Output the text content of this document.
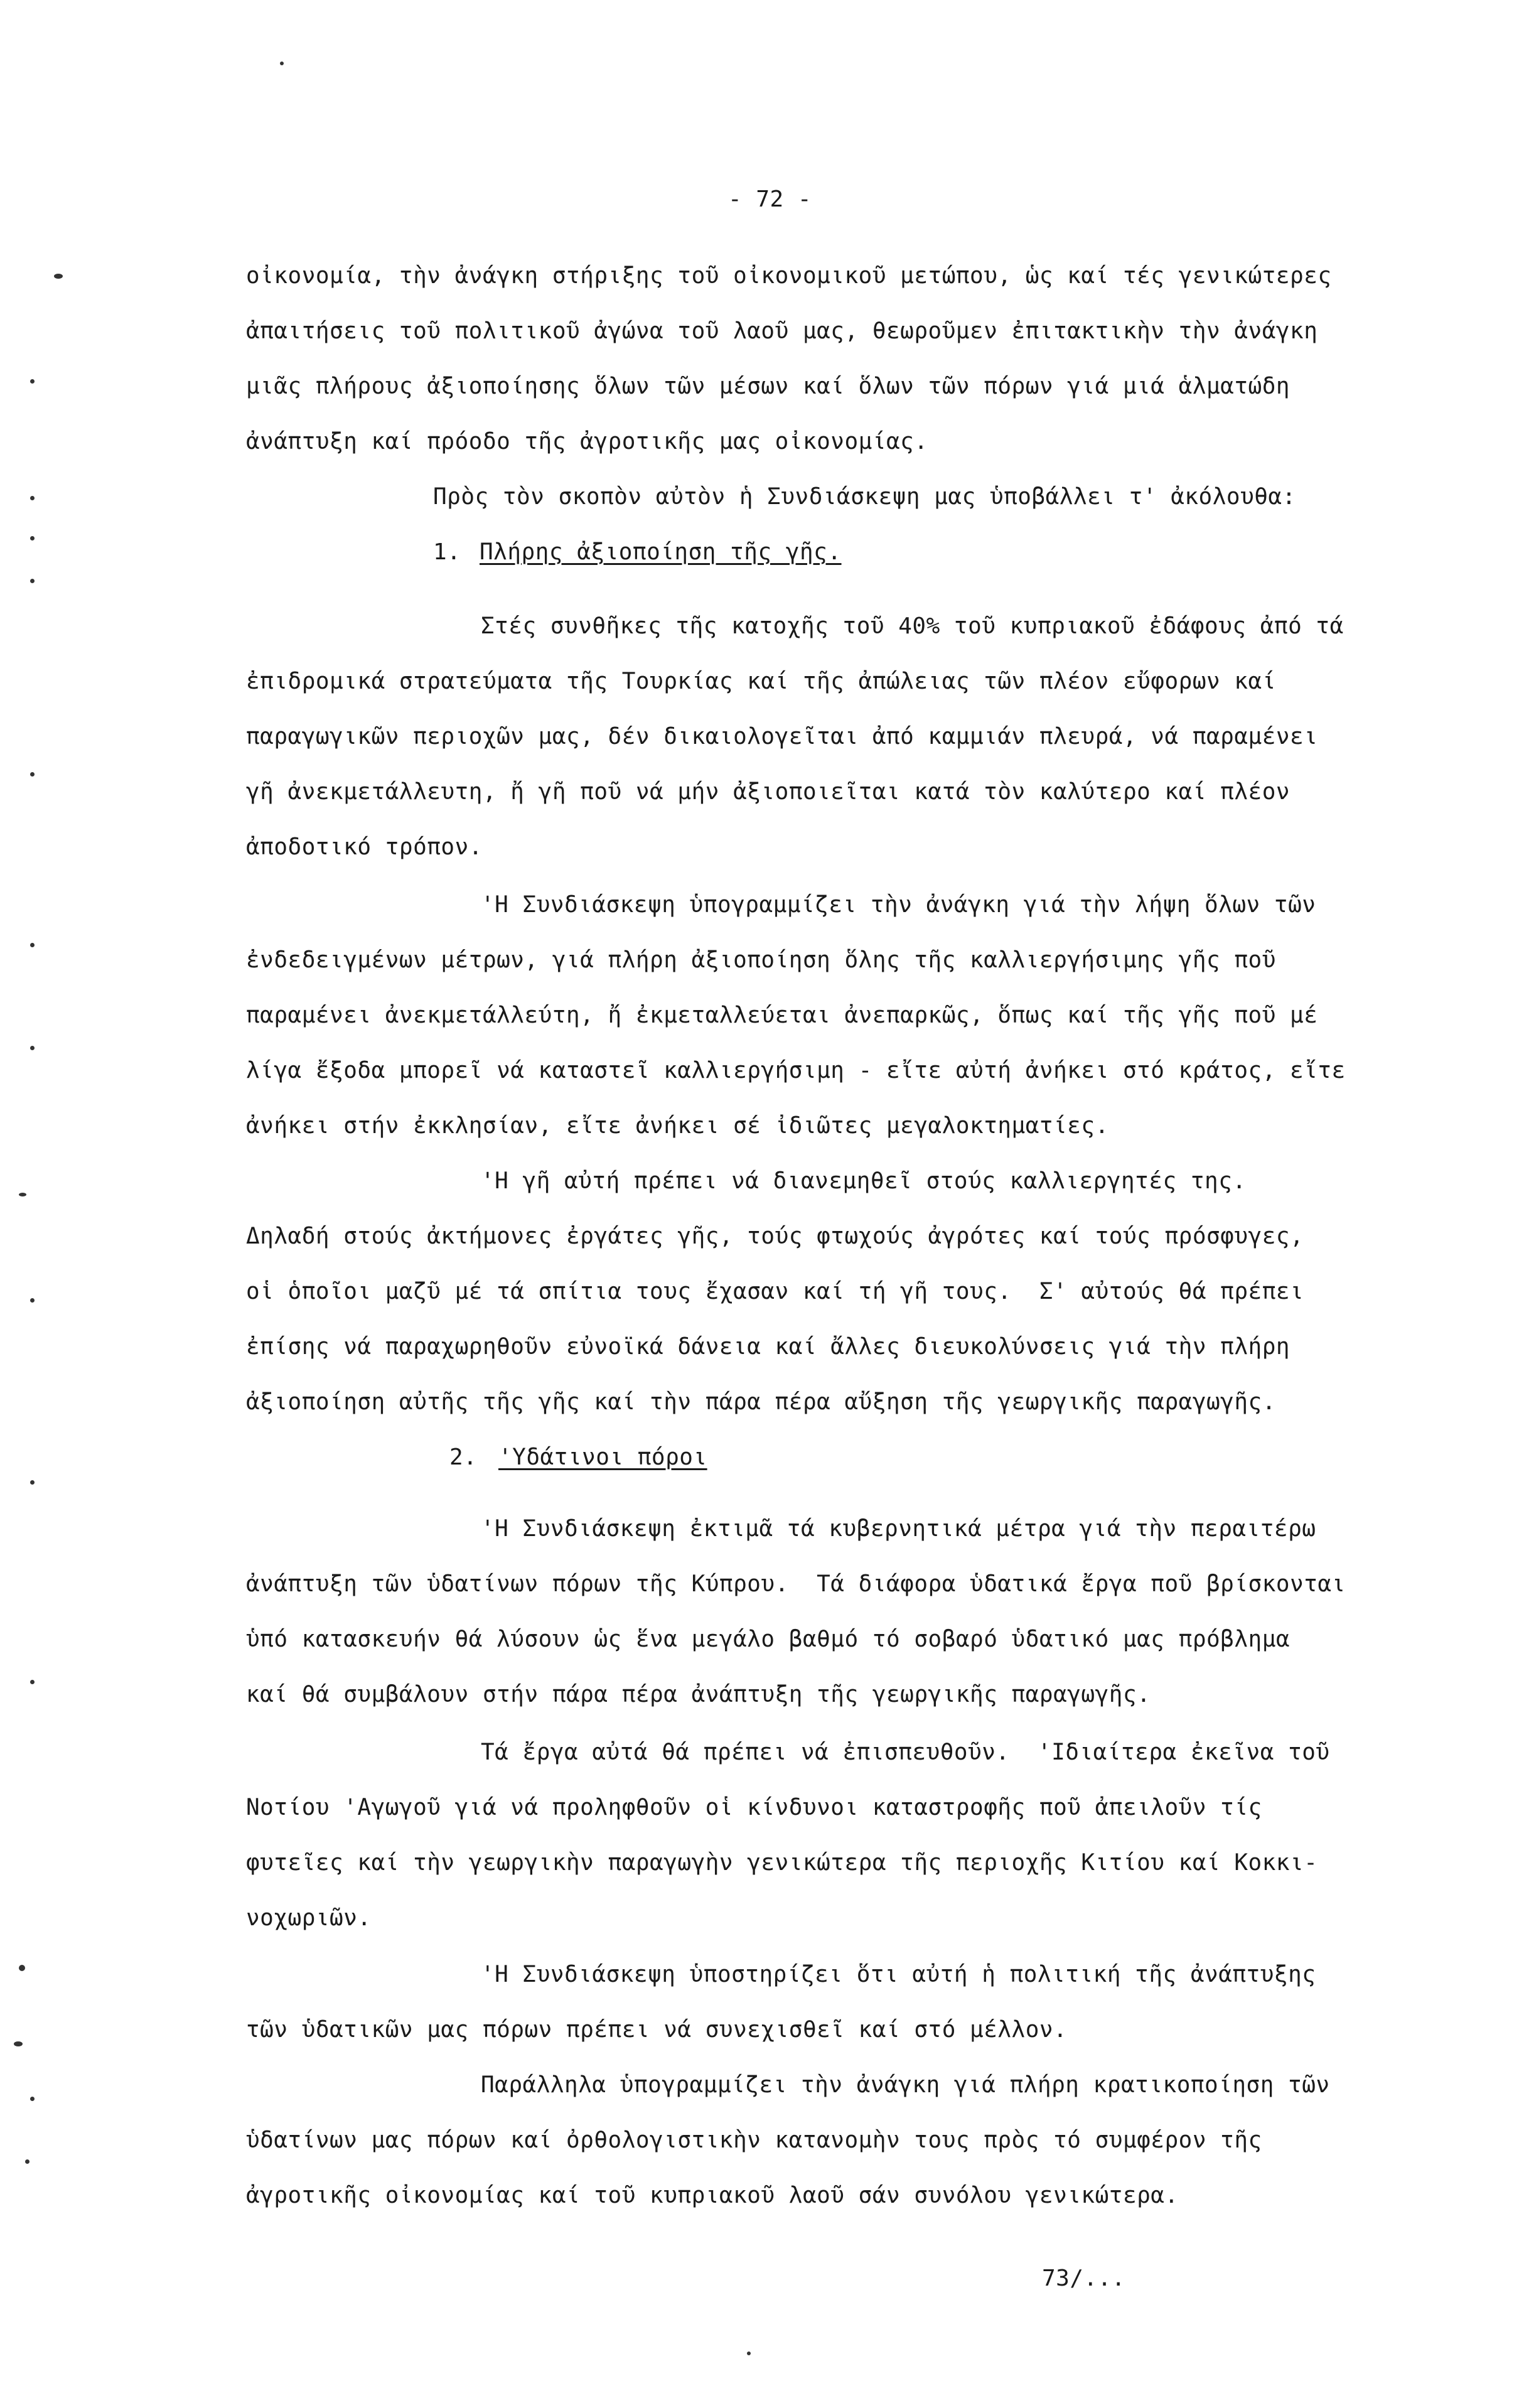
- 72 -
οἰκονομία, τὴν ἀνάγκη στήριξης τοῦ οἰκονομικοῦ μετώπου, ὡς καί τές γενικώτερες
ἀπαιτήσεις τοῦ πολιτικοῦ ἀγώνα τοῦ λαοῦ μας, θεωροῦμεν ἐπιτακτικὴν τὴν ἀνάγκη
μιᾶς πλήρους ἀξιοποίησης ὅλων τῶν μέσων καί ὅλων τῶν πόρων γιά μιά ἁλματώδη
ἀνάπτυξη καί πρόοδο τῆς ἀγροτικῆς μας οἰκονομίας.
Πρὸς τὸν σκοπὸν αὐτὸν ἡ Συνδιάσκεψη μας ὑποβάλλει τ' ἀκόλουθα:
1. Πλήρης ἀξιοποίηση τῆς γῆς.
Στές συνθῆκες τῆς κατοχῆς τοῦ 40% τοῦ κυπριακοῦ ἐδάφους ἀπό τά
ἐπιδρομικά στρατεύματα τῆς Τουρκίας καί τῆς ἀπώλειας τῶν πλέον εὔφορων καί
παραγωγικῶν περιοχῶν μας, δέν δικαιολογεῖται ἀπό καμμιάν πλευρά, νά παραμένει
γῆ ἀνεκμετάλλευτη, ἤ γῆ ποῦ νά μήν ἀξιοποιεῖται κατά τὸν καλύτερο καί πλέον
ἀποδοτικό τρόπον.
'Η Συνδιάσκεψη ὑπογραμμίζει τὴν ἀνάγκη γιά τὴν λήψη ὅλων τῶν
ἐνδεδειγμένων μέτρων, γιά πλήρη ἀξιοποίηση ὅλης τῆς καλλιεργήσιμης γῆς ποῦ
παραμένει ἀνεκμετάλλεύτη, ἤ ἐκμεταλλεύεται ἀνεπαρκῶς, ὅπως καί τῆς γῆς ποῦ μέ
λίγα ἔξοδα μπορεῖ νά καταστεῖ καλλιεργήσιμη - εἴτε αὐτή ἀνήκει στό κράτος, εἴτε
ἀνήκει στήν ἐκκλησίαν, εἴτε ἀνήκει σέ ἰδιῶτες μεγαλοκτηματίες.
'Η γῆ αὐτή πρέπει νά διανεμηθεῖ στούς καλλιεργητές της.
Δηλαδή στούς ἀκτήμονες ἐργάτες γῆς, τούς φτωχούς ἀγρότες καί τούς πρόσφυγες,
οἱ ὁποῖοι μαζῦ μέ τά σπίτια τους ἔχασαν καί τή γῆ τους.  Σ' αὐτούς θά πρέπει
ἐπίσης νά παραχωρηθοῦν εὐνοϊκά δάνεια καί ἄλλες διευκολύνσεις γιά τὴν πλήρη
ἀξιοποίηση αὐτῆς τῆς γῆς καί τὴν πάρα πέρα αὔξηση τῆς γεωργικῆς παραγωγῆς.
2. 'Υδάτινοι πόροι
'Η Συνδιάσκεψη ἐκτιμᾶ τά κυβερνητικά μέτρα γιά τὴν περαιτέρω
ἀνάπτυξη τῶν ὑδατίνων πόρων τῆς Κύπρου.  Τά διάφορα ὑδατικά ἔργα ποῦ βρίσκονται
ὑπό κατασκευήν θά λύσουν ὡς ἕνα μεγάλο βαθμό τό σοβαρό ὑδατικό μας πρόβλημα
καί θά συμβάλουν στήν πάρα πέρα ἀνάπτυξη τῆς γεωργικῆς παραγωγῆς.
Τά ἔργα αὐτά θά πρέπει νά ἐπισπευθοῦν.  'Ιδιαίτερα ἐκεῖνα τοῦ
Νοτίου 'Αγωγοῦ γιά νά προληφθοῦν οἱ κίνδυνοι καταστροφῆς ποῦ ἀπειλοῦν τίς
φυτεῖες καί τὴν γεωργικὴν παραγωγὴν γενικώτερα τῆς περιοχῆς Κιτίου καί Κοκκι-
νοχωριῶν.
'Η Συνδιάσκεψη ὑποστηρίζει ὅτι αὐτή ἡ πολιτική τῆς ἀνάπτυξης
τῶν ὑδατικῶν μας πόρων πρέπει νά συνεχισθεῖ καί στό μέλλον.
Παράλληλα ὑπογραμμίζει τὴν ἀνάγκη γιά πλήρη κρατικοποίηση τῶν
ὑδατίνων μας πόρων καί ὀρθολογιστικὴν κατανομὴν τους πρὸς τό συμφέρον τῆς
ἀγροτικῆς οἰκονομίας καί τοῦ κυπριακοῦ λαοῦ σάν συνόλου γενικώτερα.
73/...
